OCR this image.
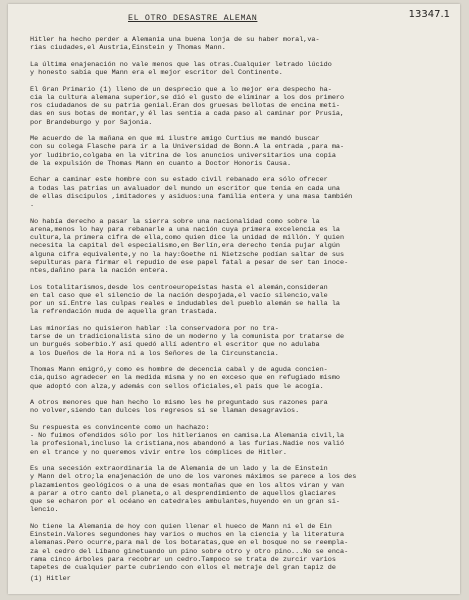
EL OTRO DESASTRE ALEMAN	13347.1
Hitler ha hecho perder a Alemania una buena lonja de su haber moral,va-
rias ciudades,el Austria,Einstein y Thomas Mann.
La última enajenación no vale menos que las otras.Cualquier letrado lúcido
y honesto sabía que Mann era el mejor escritor del Continente.
El Gran Primario (1) lleno de un desprecio que a lo mejor era despecho ha-
cia la cultura alemana superior,se dió el gusto de eliminar a los dos primero
ros ciudadanos de su patria genial.Eran dos gruesas bellotas de encina meti-
das en sus botas de montar,y él las sentía a cada paso al caminar por Prusia,
por Brandeburgo y por Sajonia.
Me acuerdo de la mañana en que mi ilustre amigo Curtius me mandó buscar
con su colega Flasche para ir a la Universidad de Bonn.A la entrada ,para ma-
yor ludibrio,colgaba en la vitrina de los anuncios universitarios una copia
de la expulsión de Thomas Mann en cuanto a Doctor Honoris Causa.
Echar a caminar este hombre con su estado civil rebanado era sólo ofrecer
a todas las patrias un avaluador del mundo un escritor que tenía en cada una
de ellas discípulos ,imitadores y asiduos:una familia entera y una masa también
.
No había derecho a pasar la sierra sobre una nacionalidad como sobre la
arena,menos lo hay para rebanarle a una nación cuya primera excelencia es la
cultura,la primera cifra de ella,como quien dice la unidad de millón. Y quien
necesita la capital del especialismo,en Berlín,era derecho tenía pujar algún
alguna cifra equivalente,y no la hay:Goethe ni Nietzsche podían saltar de sus
sepulturas para firmar el repudio de ese papel fatal a pesar de ser tan inoce-
ntes,dañino para la nación entera.
Los totalitarismos,desde los centroeuropeístas hasta el alemán,consideran
en tal caso que el silencio de la nación despojada,el vacío silencio,vale
por un sí.Entre las culpas reales e indudables del pueblo alemán se halla la
la refrendación muda de aquella gran trastada.
Las minorías no quisieron hablar :la conservadora por no tra-
tarse de un tradicionalista sino de un moderno y la comunista por tratarse de
un burgués soberbio.Y así quedó allí adentro el escritor que no adulaba
a los Dueños de la Hora ni a los Señores de la Circunstancia.
Thomas Mann emigró,y como es hombre de decencia cabal y de aguda concien-
cia,quiso agradecer en la medida misma y no en exceso que en refugiado mismo
que adoptó con alza,y además con sellos oficiales,el país que le acogía.
A otros menores que han hecho lo mismo les he preguntado sus razones para
no volver,siendo tan dulces los regresos si se llaman desagravios.
Su respuesta es convincente como un hachazo:
- No fuimos ofendidos sólo por los hitlerianos en camisa.La Alemania civil,la
la profesional,incluso la cristiana,nos abandonó a las furias.Nadie nos valió
en el trance y no queremos vivir entre los cómplices de Hitler.
Es una secesión extraordinaria la de Alemania de un lado y la de Einstein
y Mann del otro;la enajenación de uno de los varones máximos se parece a los des
plazamientos geológicos o a una de esas montañas que en los altos viran y van
a parar a otro canto del planeta,o al desprendimiento de aquellos glaciares
que se echaron por el océano en catedrales ambulantes,huyendo en un gran si-
lencio.
No tiene la Alemania de hoy con quien llenar el hueco de Mann ni el de Ein
Einstein.Valores segundones hay varios o muchos en la ciencia y la literatura
alemanas.Pero ocurre,para mal de los botaratas,que en el bosque no se reempla-
za el cedro del Líbano ginetuando un pino sobre otro y otro pino...No se enca-
rama cinco árboles para recobrar un cedro.Tampoco se trata de zurcir varios
tapetes de cualquier parte cubriendo con ellos el metraje del gran tapiz de
(1) Hitler
